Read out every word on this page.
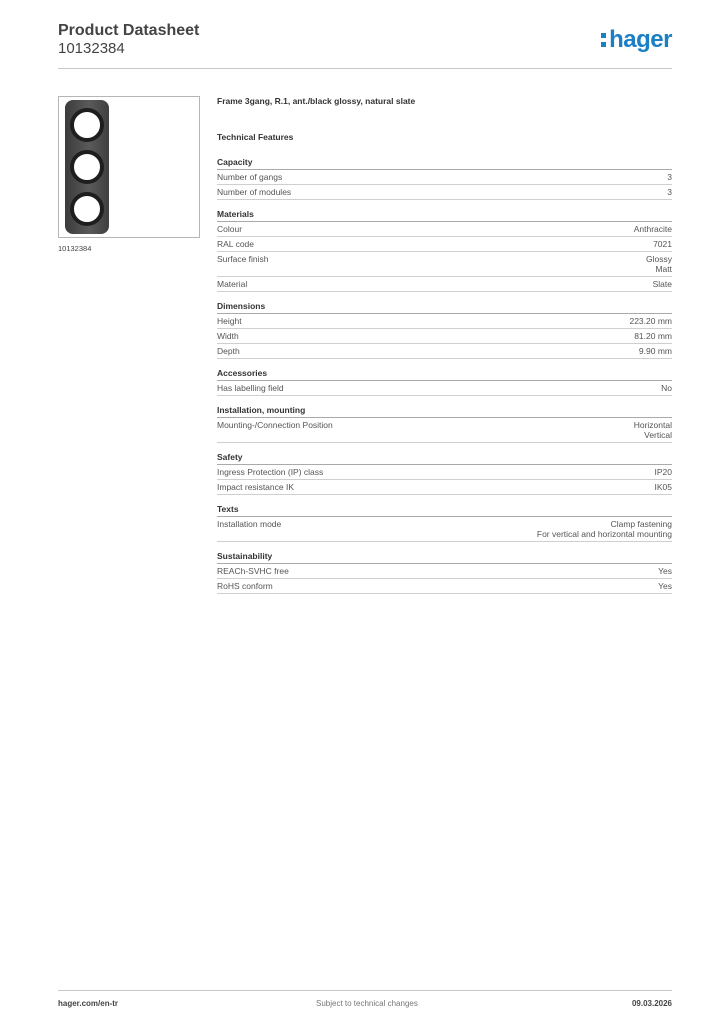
Product Datasheet
10132384	hager
10132384
Frame 3gang, R.1, ant./black glossy, natural slate
Technical Features
Capacity
Number of gangs	3
Number of modules	3
Materials
Colour	Anthracite
RAL code	7021
Surface finish	Glossy
Matt
Material	Slate
Dimensions
Height	223.20 mm
Width	81.20 mm
Depth	9.90 mm
Accessories
Has labelling field	No
Installation, mounting
Mounting-/Connection Position	Horizontal
Vertical
Safety
Ingress Protection (IP) class	IP20
Impact resistance IK	IK05
Texts
Installation mode	Clamp fastening
For vertical and horizontal mounting
Sustainability
REACh-SVHC free	Yes
RoHS conform	Yes
hager.com/en-tr	Subject to technical changes	09.03.2026
